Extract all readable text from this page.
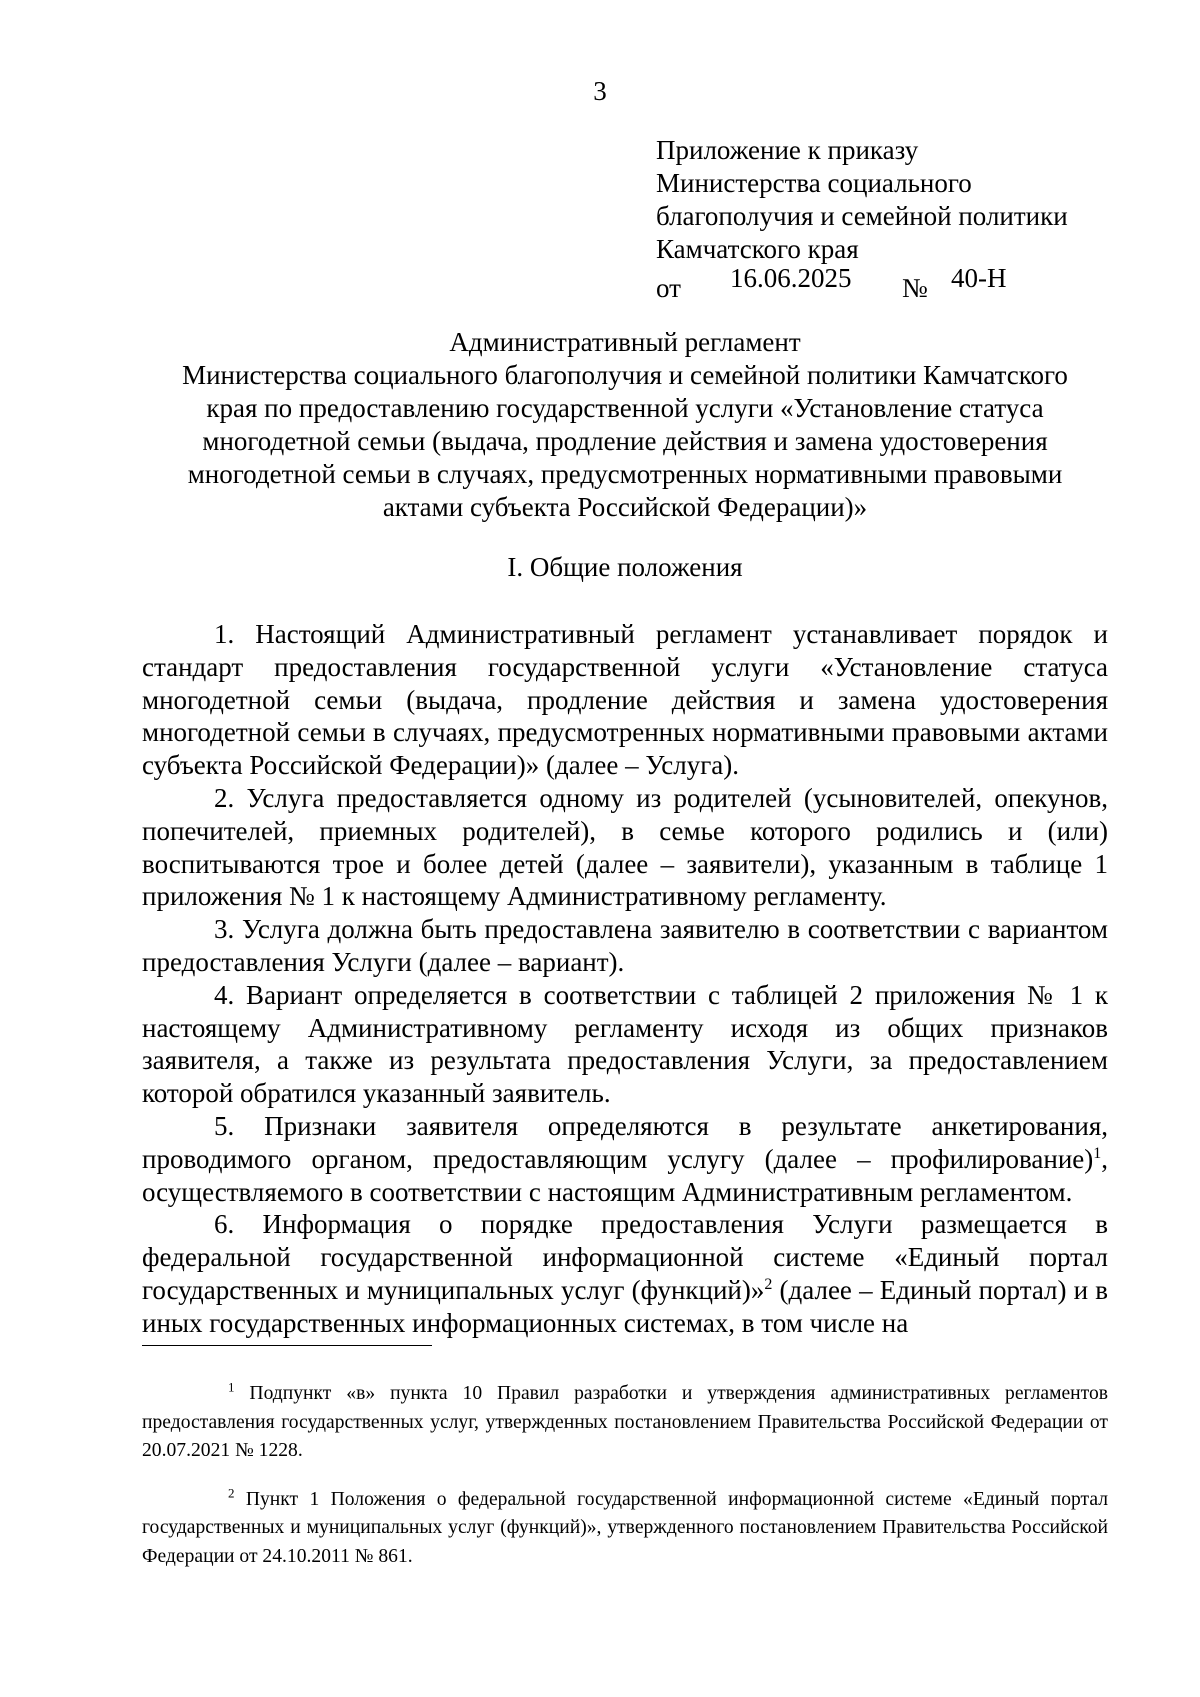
3
Приложение к приказу
Министерства социального
благополучия и семейной политики
Камчатского края
от 16.06.2025 № 40-Н
Административный регламент
Министерства социального благополучия и семейной политики Камчатского
края по предоставлению государственной услуги «Установление статуса
многодетной семьи (выдача, продление действия и замена удостоверения
многодетной семьи в случаях, предусмотренных нормативными правовыми
актами субъекта Российской Федерации)»
I. Общие положения

1. Настоящий Административный регламент устанавливает порядок и стандарт предоставления государственной услуги «Установление статуса многодетной семьи (выдача, продление действия и замена удостоверения многодетной семьи в случаях, предусмотренных нормативными правовыми актами субъекта Российской Федерации)» (далее – Услуга).

2. Услуга предоставляется одному из родителей (усыновителей, опекунов, попечителей, приемных родителей), в семье которого родились и (или) воспитываются трое и более детей (далее – заявители), указанным в таблице 1 приложения № 1 к настоящему Административному регламенту.

3. Услуга должна быть предоставлена заявителю в соответствии с вариантом предоставления Услуги (далее – вариант).

4. Вариант определяется в соответствии с таблицей 2 приложения № 1 к настоящему Административному регламенту исходя из общих признаков заявителя, а также из результата предоставления Услуги, за предоставлением которой обратился указанный заявитель.

5. Признаки заявителя определяются в результате анкетирования, проводимого органом, предоставляющим услугу (далее – профилирование)$^1$, осуществляемого в соответствии с настоящим Административным регламентом.

6. Информация о порядке предоставления Услуги размещается в федеральной государственной информационной системе «Единый портал государственных и муниципальных услуг (функций)»$^2$ (далее – Единый портал) и в иных государственных информационных системах, в том числе на

$^1$ Подпункт «в» пункта 10 Правил разработки и утверждения административных регламентов предоставления государственных услуг, утвержденных постановлением Правительства Российской Федерации от 20.07.2021 № 1228.

$^2$ Пункт 1 Положения о федеральной государственной информационной системе «Единый портал государственных и муниципальных услуг (функций)», утвержденного постановлением Правительства Российской Федерации от 24.10.2011 № 861.
